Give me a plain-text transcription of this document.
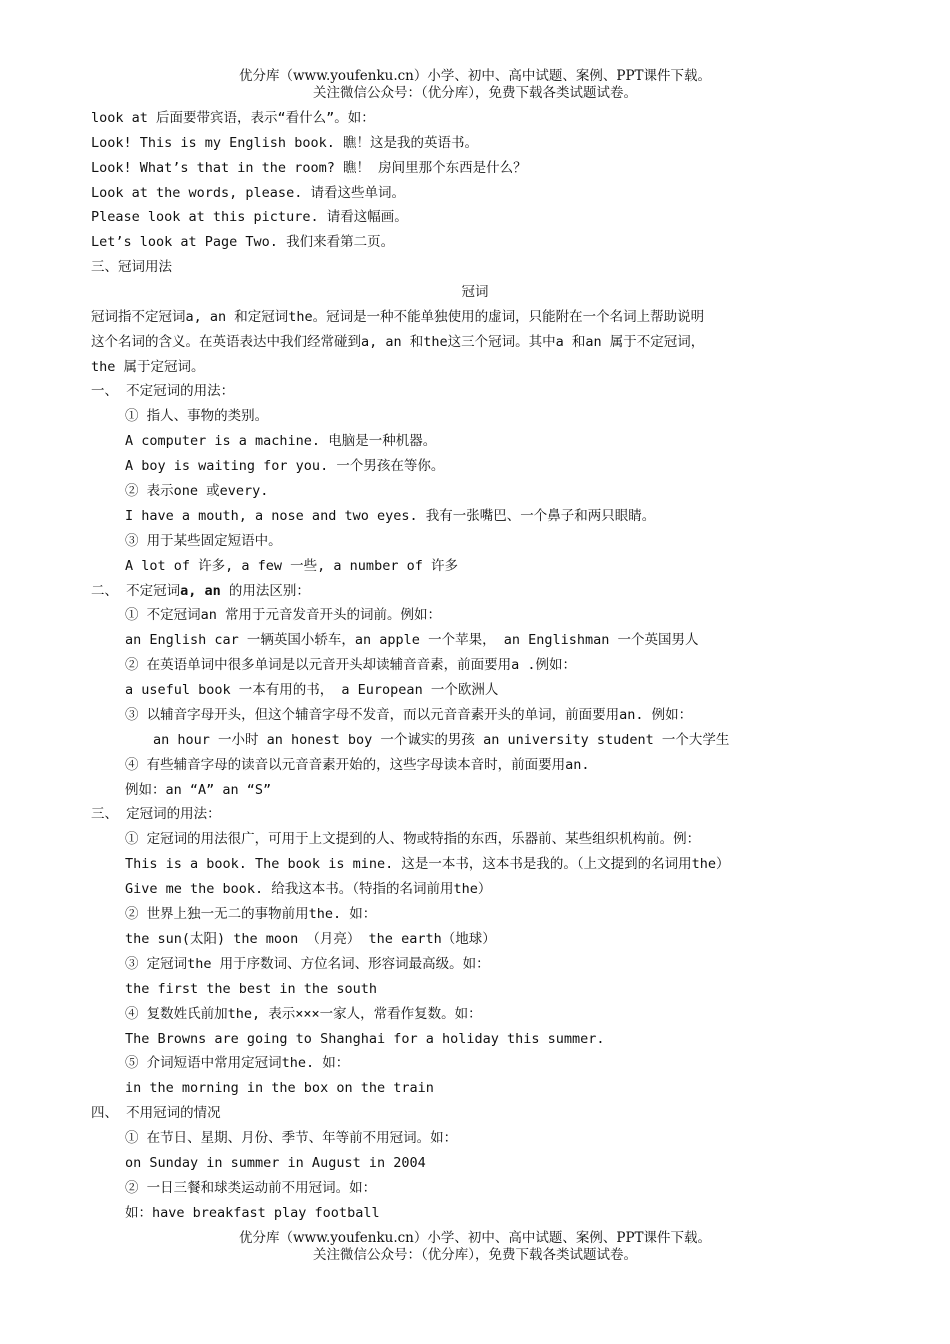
优分库（www.youfenku.cn）小学、初中、高中试题、案例、PPT课件下载。
关注微信公众号：（优分库），免费下载各类试题试卷。
look at 后面要带宾语，表示“看什么”。如：
Look! This is my English book. 瞧！这是我的英语书。
Look! What’s that in the room? 瞧！ 房间里那个东西是什么？
Look at the words, please. 请看这些单词。
Please look at this picture. 请看这幅画。
Let’s look at Page Two. 我们来看第二页。
三、冠词用法
冠词
冠词指不定冠词a, an 和定冠词the。冠词是一种不能单独使用的虚词，只能附在一个名词上帮助说明
这个名词的含义。在英语表达中我们经常碰到a, an 和the这三个冠词。其中a 和an 属于不定冠词，
the 属于定冠词。
一、 不定冠词的用法：
① 指人、事物的类别。
A computer is a machine. 电脑是一种机器。
A boy is waiting for you. 一个男孩在等你。
② 表示one 或every.
I have a mouth, a nose and two eyes. 我有一张嘴巴、一个鼻子和两只眼睛。
③ 用于某些固定短语中。
A lot of 许多, a few 一些, a number of 许多
二、 不定冠词a, an 的用法区别：
① 不定冠词an 常用于元音发音开头的词前。例如：
an English car 一辆英国小轿车，an apple 一个苹果， an Englishman 一个英国男人
② 在英语单词中很多单词是以元音开头却读辅音音素，前面要用a .例如：
a useful book 一本有用的书， a European 一个欧洲人
③ 以辅音字母开头，但这个辅音字母不发音，而以元音音素开头的单词，前面要用an. 例如：
an hour 一小时 an honest boy 一个诚实的男孩 an university student 一个大学生
④ 有些辅音字母的读音以元音音素开始的，这些字母读本音时，前面要用an.
例如：an “A” an “S”
三、 定冠词的用法：
① 定冠词的用法很广，可用于上文提到的人、物或特指的东西，乐器前、某些组织机构前。例：
This is a book. The book is mine. 这是一本书，这本书是我的。（上文提到的名词用the）
Give me the book. 给我这本书。（特指的名词前用the）
② 世界上独一无二的事物前用the. 如：
the sun(太阳) the moon （月亮） the earth（地球）
③ 定冠词the 用于序数词、方位名词、形容词最高级。如：
the first the best in the south
④ 复数姓氏前加the, 表示×××一家人，常看作复数。如：
The Browns are going to Shanghai for a holiday this summer.
⑤ 介词短语中常用定冠词the. 如：
in the morning in the box on the train
四、 不用冠词的情况
① 在节日、星期、月份、季节、年等前不用冠词。如：
on Sunday in summer in August in 2004
② 一日三餐和球类运动前不用冠词。如：
如：have breakfast play football
优分库（www.youfenku.cn）小学、初中、高中试题、案例、PPT课件下载。
关注微信公众号：（优分库），免费下载各类试题试卷。
